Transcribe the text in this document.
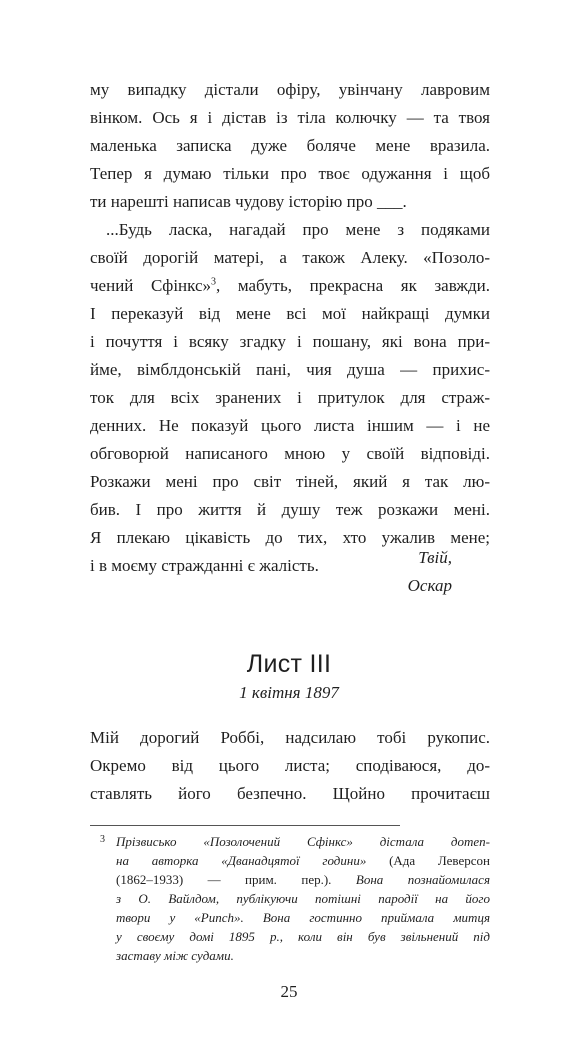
му випадку дістали офіру, увінчану лавровим
вінком. Ось я і дістав із тіла колючку — та твоя
маленька записка дуже боляче мене вразила.
Тепер я думаю тільки про твоє одужання і щоб
ти нарешті написав чудову історію про ___.
...Будь ласка, нагадай про мене з подяками
своїй дорогій матері, а також Алеку. «Позоло-
чений Сфінкс»$^3$, мабуть, прекрасна як завжди.
І переказуй від мене всі мої найкращі думки
і почуття і всяку згадку і пошану, які вона при-
йме, вімблдонській пані, чия душа — прихис-
ток для всіх зранених і притулок для страж-
денних. Не показуй цього листа іншим — і не
обговорюй написаного мною у своїй відповіді.
Розкажи мені про світ тіней, який я так лю-
бив. І про життя й душу теж розкажи мені.
Я плекаю цікавість до тих, хто ужалив мене;
і в моєму стражданні є жалість.	Твій,
Оскар
Лист III
1 квітня 1897
Мій дорогий Роббі, надсилаю тобі рукопис.
Окремо від цього листа; сподіваюся, до-
ставлять його безпечно. Щойно прочитаєш
3 Прізвисько «Позолочений Сфінкс» дістала дотеп-
на авторка «Дванадцятої години» (Ада Леверсон
(1862–1933) — прим. пер.). Вона познайомилася
з О. Вайлдом, публікуючи потішні пародії на його
твори у «Punch». Вона гостинно приймала митця
у своєму домі 1895 р., коли він був звільнений під
заставу між судами.
25
